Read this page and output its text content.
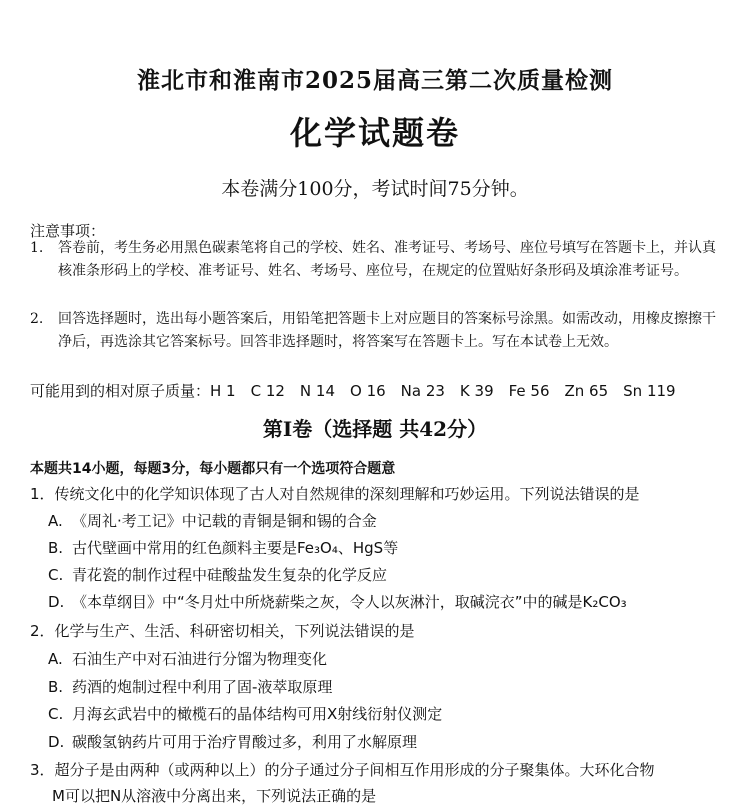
淮北市和淮南市2025届高三第二次质量检测
化学试题卷
本卷满分100分，考试时间75分钟。
注意事项：
1. 答卷前，考生务必用黑色碳素笔将自己的学校、姓名、准考证号、考场号、座位号填写在答题卡上，并认真核准条形码上的学校、准考证号、姓名、考场号、座位号，在规定的位置贴好条形码及填涂准考证号。
2. 回答选择题时，选出每小题答案后，用铅笔把答题卡上对应题目的答案标号涂黑。如需改动，用橡皮擦擦干净后，再选涂其它答案标号。回答非选择题时，将答案写在答题卡上。写在本试卷上无效。
可能用到的相对原子质量：H 1　C 12　N 14　O 16　Na 23　K 39　Fe 56　Zn 65　Sn 119
第Ⅰ卷（选择题 共42分）
本题共14小题，每题3分，每小题都只有一个选项符合题意
1．传统文化中的化学知识体现了古人对自然规律的深刻理解和巧妙运用。下列说法错误的是
A. 《周礼·考工记》中记载的青铜是铜和锡的合金
B. 古代壁画中常用的红色颜料主要是Fe₃O₄、HgS等
C. 青花瓷的制作过程中硅酸盐发生复杂的化学反应
D. 《本草纲目》中“冬月灶中所烧薪柴之灰，令人以灰淋汁，取碱浣衣”中的碱是K₂CO₃
2．化学与生产、生活、科研密切相关，下列说法错误的是
A. 石油生产中对石油进行分馏为物理变化
B. 药酒的炮制过程中利用了固-液萃取原理
C. 月海玄武岩中的橄榄石的晶体结构可用X射线衍射仪测定
D. 碳酸氢钠药片可用于治疗胃酸过多，利用了水解原理
3．超分子是由两种（或两种以上）的分子通过分子间相互作用形成的分子聚集体。大环化合物
M可以把N从溶液中分离出来，下列说法正确的是
